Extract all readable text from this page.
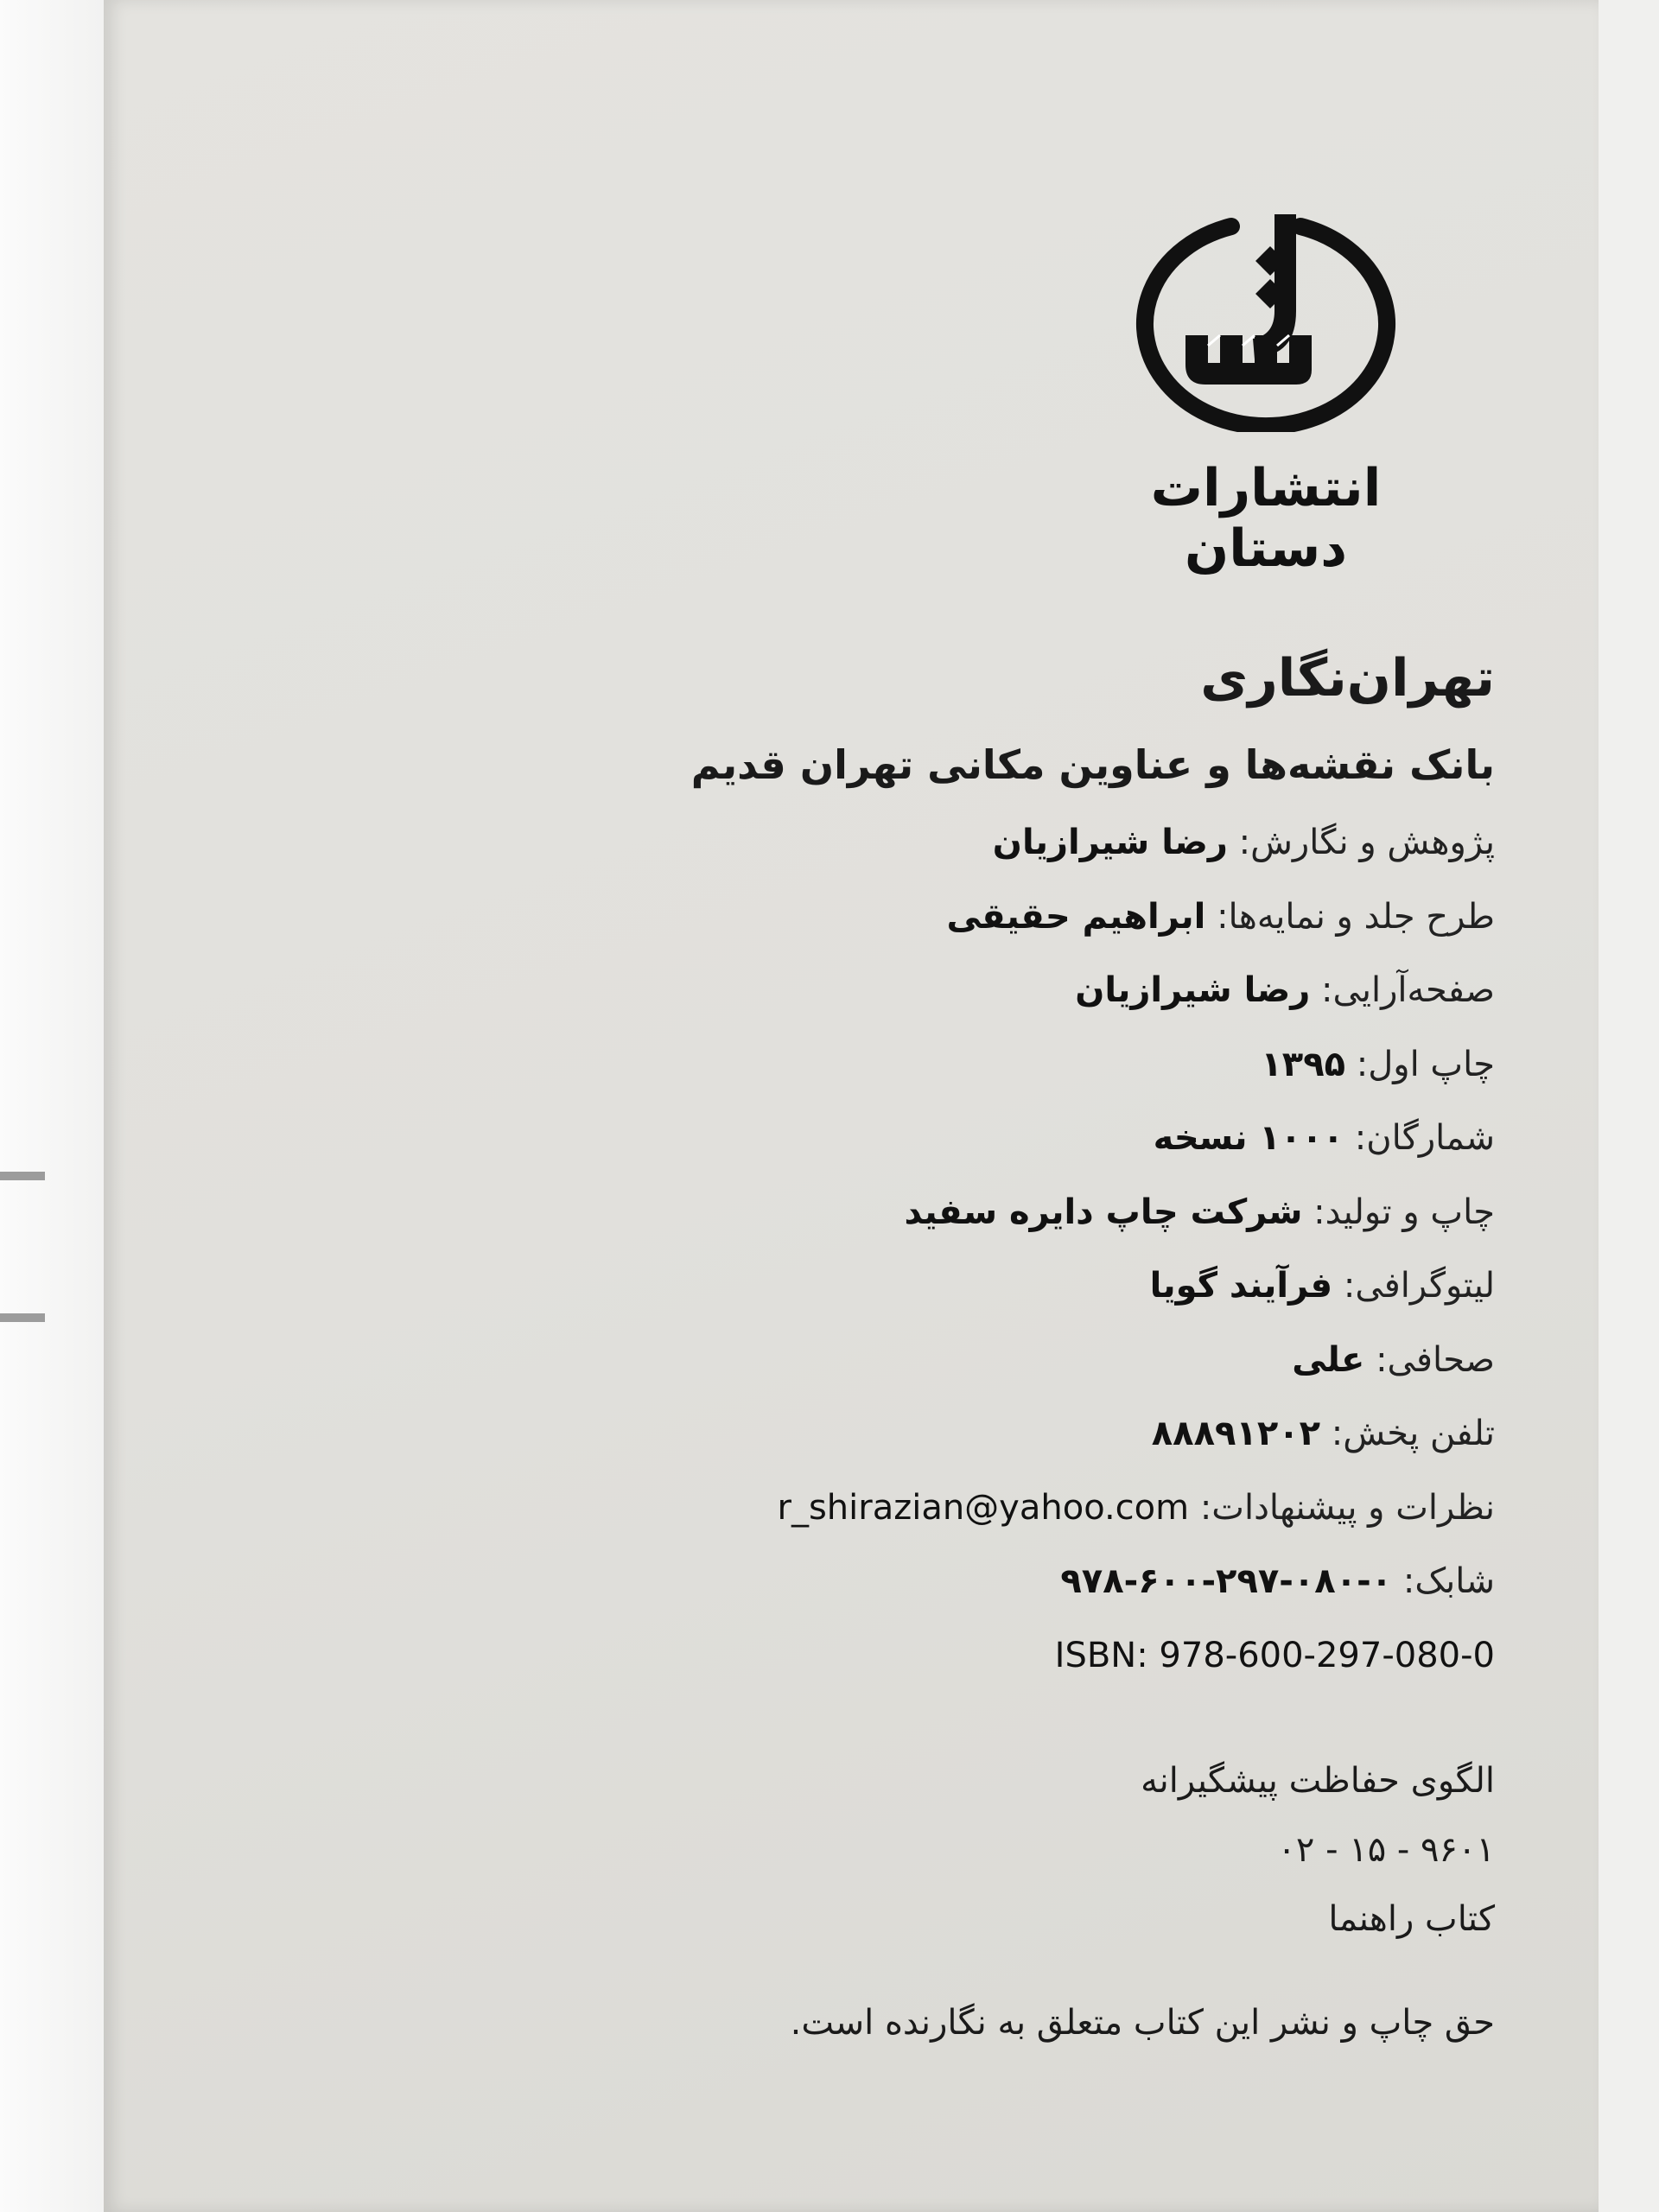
انتشارات دستان
تهران‌نگاری
بانک نقشه‌ها و عناوین مکانی تهران قدیم
پژوهش و نگارش: رضا شیرازیان
طرح جلد و نمایه‌ها: ابراهیم حقیقی
صفحه‌آرایی: رضا شیرازیان
چاپ اول: ۱۳۹۵
شمارگان: ۱۰۰۰ نسخه
چاپ و تولید: شرکت چاپ دایره سفید
لیتوگرافی: فرآیند گویا
صحافی: علی
تلفن پخش: ۸۸۸۹۱۲۰۲
نظرات و پیشنهادات: r_shirazian@yahoo.com
شابک: ۹۷۸-۶۰۰-۲۹۷-۰۸۰-۰
ISBN: 978-600-297-080-0
الگوی حفاظت پیشگیرانه
۰۲ - ۱۵ - ۹۶۰۱
کتاب راهنما
حق چاپ و نشر این کتاب متعلق به نگارنده است.
